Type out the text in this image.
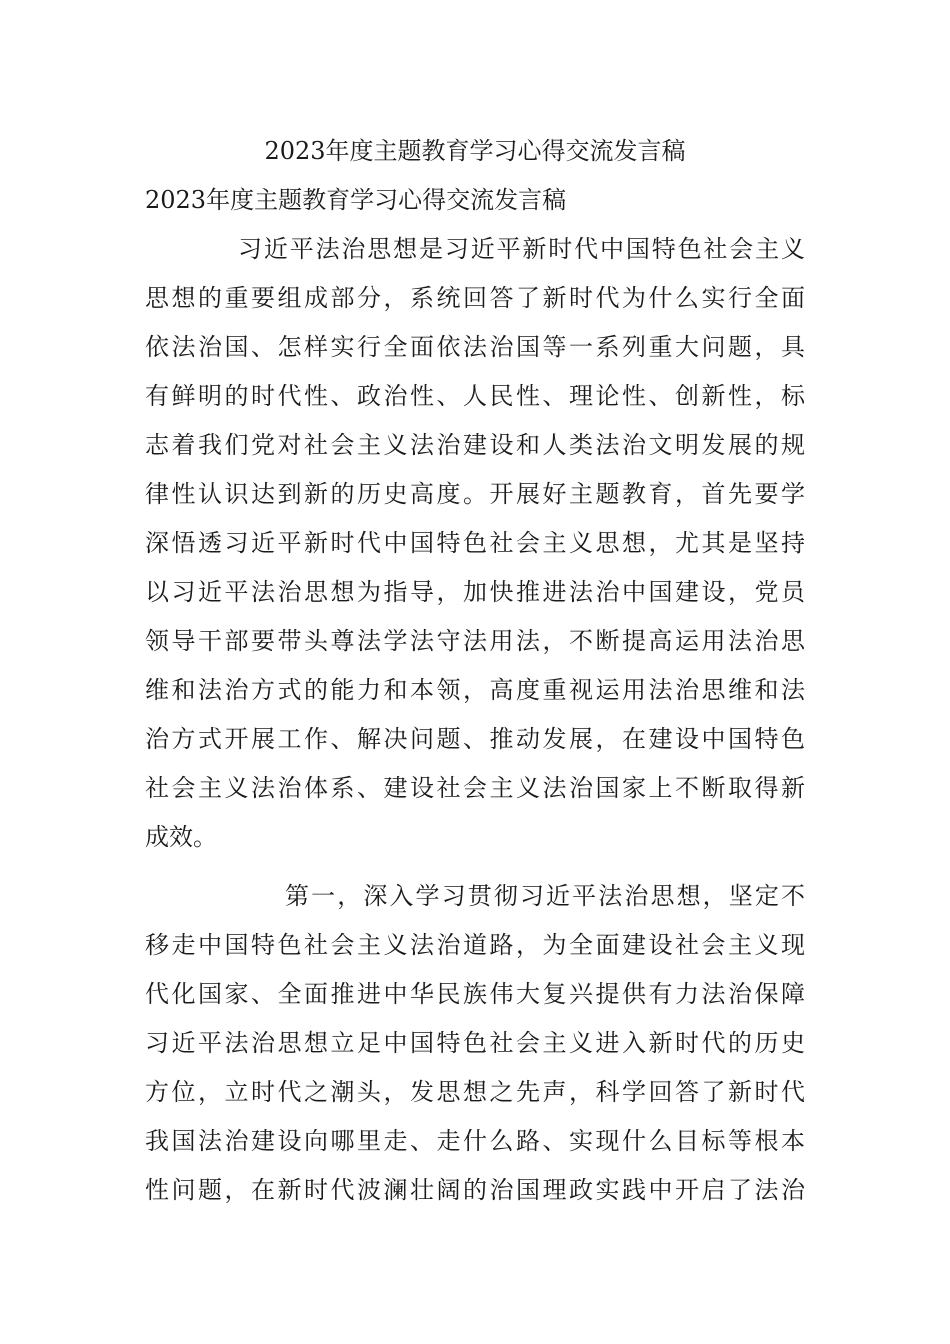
2023年度主题教育学习心得交流发言稿
2023年度主题教育学习心得交流发言稿
习近平法治思想是习近平新时代中国特色社会主义
思想的重要组成部分，系统回答了新时代为什么实行全面
依法治国、怎样实行全面依法治国等一系列重大问题，具
有鲜明的时代性、政治性、人民性、理论性、创新性，标
志着我们党对社会主义法治建设和人类法治文明发展的规
律性认识达到新的历史高度。开展好主题教育，首先要学
深悟透习近平新时代中国特色社会主义思想，尤其是坚持
以习近平法治思想为指导，加快推进法治中国建设，党员
领导干部要带头尊法学法守法用法，不断提高运用法治思
维和法治方式的能力和本领，高度重视运用法治思维和法
治方式开展工作、解决问题、推动发展，在建设中国特色
社会主义法治体系、建设社会主义法治国家上不断取得新
成效。
第一，深入学习贯彻习近平法治思想，坚定不
移走中国特色社会主义法治道路，为全面建设社会主义现
代化国家、全面推进中华民族伟大复兴提供有力法治保障
习近平法治思想立足中国特色社会主义进入新时代的历史
方位，立时代之潮头，发思想之先声，科学回答了新时代
我国法治建设向哪里走、走什么路、实现什么目标等根本
性问题，在新时代波澜壮阔的治国理政实践中开启了法治
